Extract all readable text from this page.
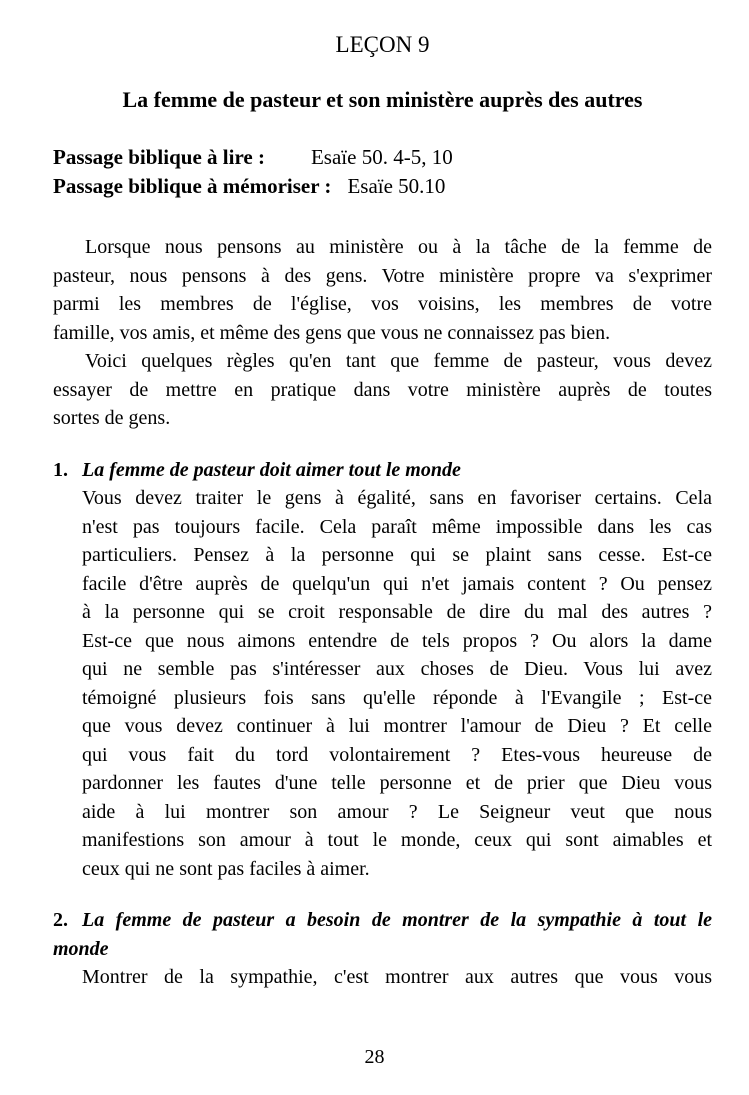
LEÇON 9
La femme de pasteur et son ministère auprès des autres
Passage biblique à lire : Esaïe 50. 4-5, 10
Passage biblique à mémoriser : Esaïe 50.10
Lorsque nous pensons au ministère ou à la tâche de la femme de
pasteur, nous pensons à des gens. Votre ministère propre va s'exprimer
parmi les membres de l'église, vos voisins, les membres de votre
famille, vos amis, et même des gens que vous ne connaissez pas bien.
Voici quelques règles qu'en tant que femme de pasteur, vous devez
essayer de mettre en pratique dans votre ministère auprès de toutes
sortes de gens.
1. La femme de pasteur doit aimer tout le monde
Vous devez traiter le gens à égalité, sans en favoriser certains. Cela
n'est pas toujours facile. Cela paraît même impossible dans les cas
particuliers. Pensez à la personne qui se plaint sans cesse. Est-ce
facile d'être auprès de quelqu'un qui n'et jamais content ? Ou pensez
à la personne qui se croit responsable de dire du mal des autres ?
Est-ce que nous aimons entendre de tels propos ? Ou alors la dame
qui ne semble pas s'intéresser aux choses de Dieu. Vous lui avez
témoigné plusieurs fois sans qu'elle réponde à l'Evangile ; Est-ce
que vous devez continuer à lui montrer l'amour de Dieu ? Et celle
qui vous fait du tord volontairement ? Etes-vous heureuse de
pardonner les fautes d'une telle personne et de prier que Dieu vous
aide à lui montrer son amour ? Le Seigneur veut que nous
manifestions son amour à tout le monde, ceux qui sont aimables et
ceux qui ne sont pas faciles à aimer.
2. La femme de pasteur a besoin de montrer de la sympathie à tout le
monde
Montrer de la sympathie, c'est montrer aux autres que vous vous
28
